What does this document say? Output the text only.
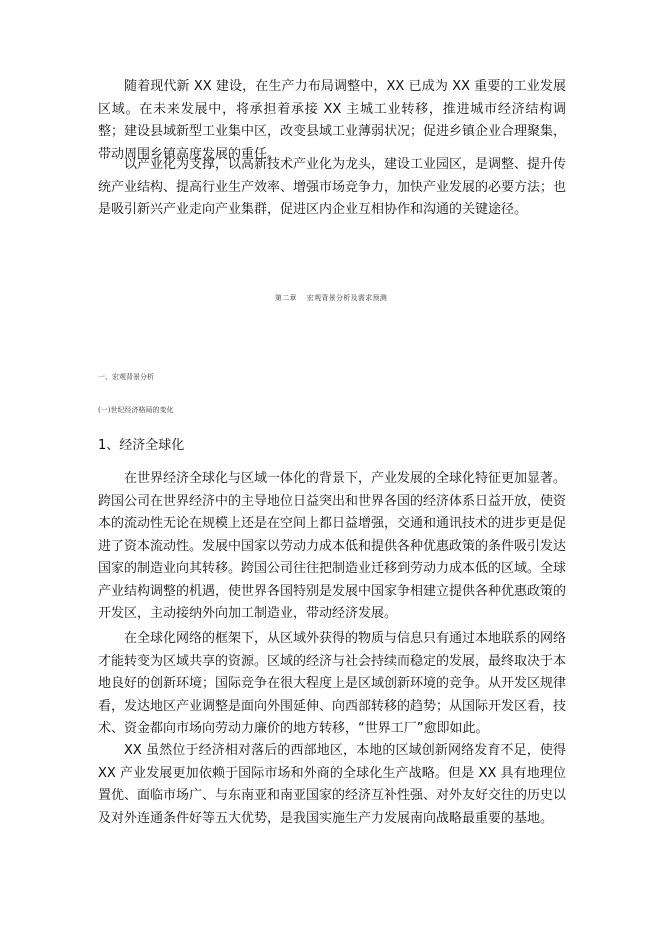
随着现代新 XX 建设，在生产力布局调整中，XX 已成为 XX 重要的工业发展区域。在未来发展中，将承担着承接 XX 主城工业转移，推进城市经济结构调整；建设县域新型工业集中区，改变县域工业薄弱状况；促进乡镇企业合理聚集，带动周围乡镇高度发展的重任。

以产业化为支撑，以高新技术产业化为龙头，建设工业园区，是调整、提升传统产业结构、提高行业生产效率、增强市场竞争力，加快产业发展的必要方法；也是吸引新兴产业走向产业集群，促进区内企业互相协作和沟通的关键途径。

第二章 宏观背景分析及需求预测

一、宏观背景分析

(一)世纪经济格局的变化

1、经济全球化

在世界经济全球化与区域一体化的背景下，产业发展的全球化特征更加显著。跨国公司在世界经济中的主导地位日益突出和世界各国的经济体系日益开放，使资本的流动性无论在规模上还是在空间上都日益增强，交通和通讯技术的进步更是促进了资本流动性。发展中国家以劳动力成本低和提供各种优惠政策的条件吸引发达国家的制造业向其转移。跨国公司往往把制造业迁移到劳动力成本低的区域。全球产业结构调整的机遇，使世界各国特别是发展中国家争相建立提供各种优惠政策的开发区，主动接纳外向加工制造业，带动经济发展。

在全球化网络的框架下，从区域外获得的物质与信息只有通过本地联系的网络才能转变为区域共享的资源。区域的经济与社会持续而稳定的发展，最终取决于本地良好的创新环境；国际竞争在很大程度上是区域创新环境的竞争。从开发区规律看，发达地区产业调整是面向外围延伸、向西部转移的趋势；从国际开发区看，技术、资金都向市场向劳动力廉价的地方转移，“世界工厂”愈即如此。

XX 虽然位于经济相对落后的西部地区，本地的区域创新网络发育不足，使得 XX 产业发展更加依赖于国际市场和外商的全球化生产战略。但是 XX 具有地理位置优、面临市场广、与东南亚和南亚国家的经济互补性强、对外友好交往的历史以及对外连通条件好等五大优势，是我国实施生产力发展南向战略最重要的基地。
